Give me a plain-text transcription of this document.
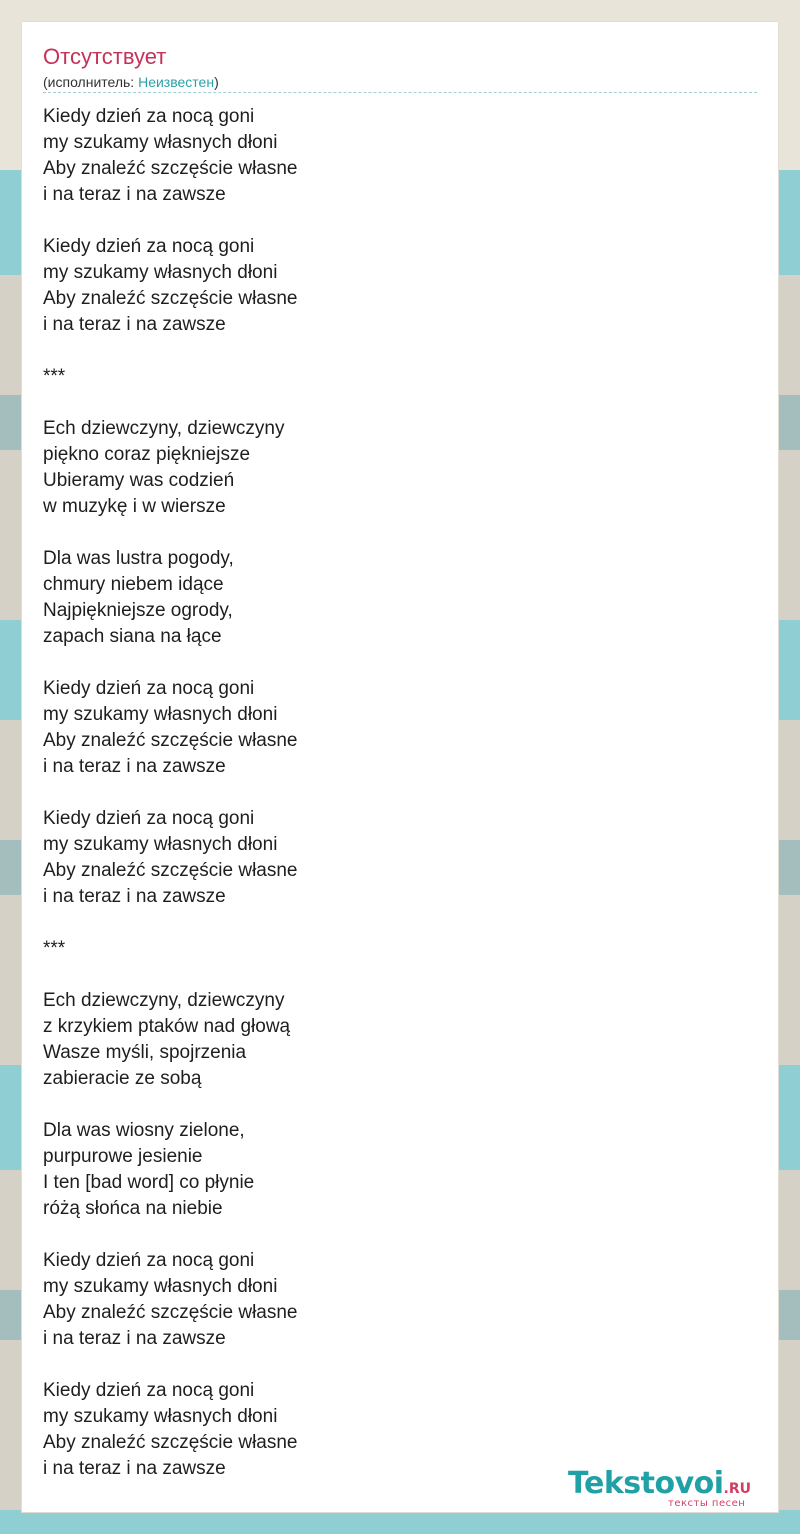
Отсутствует
(исполнитель: Неизвестен)
Kiedy dzień za nocą goni
my szukamy własnych dłoni
Aby znaleźć szczęście własne
i na teraz i na zawsze
Kiedy dzień za nocą goni
my szukamy własnych dłoni
Aby znaleźć szczęście własne
i na teraz i na zawsze
***
Ech dziewczyny, dziewczyny
piękno coraz piękniejsze
Ubieramy was codzień
w muzykę i w wiersze
Dla was lustra pogody,
chmury niebem idące
Najpiękniejsze ogrody,
zapach siana na łące
Kiedy dzień za nocą goni
my szukamy własnych dłoni
Aby znaleźć szczęście własne
i na teraz i na zawsze
Kiedy dzień za nocą goni
my szukamy własnych dłoni
Aby znaleźć szczęście własne
i na teraz i na zawsze
***
Ech dziewczyny, dziewczyny
z krzykiem ptaków nad głową
Wasze myśli, spojrzenia
zabieracie ze sobą
Dla was wiosny zielone,
purpurowe jesienie
I ten [bad word] co płynie
różą słońca na niebie
Kiedy dzień za nocą goni
my szukamy własnych dłoni
Aby znaleźć szczęście własne
i na teraz i na zawsze
Kiedy dzień za nocą goni
my szukamy własnych dłoni
Aby znaleźć szczęście własne
i na teraz i na zawsze	Tekstovoi.RU
тексты песен
